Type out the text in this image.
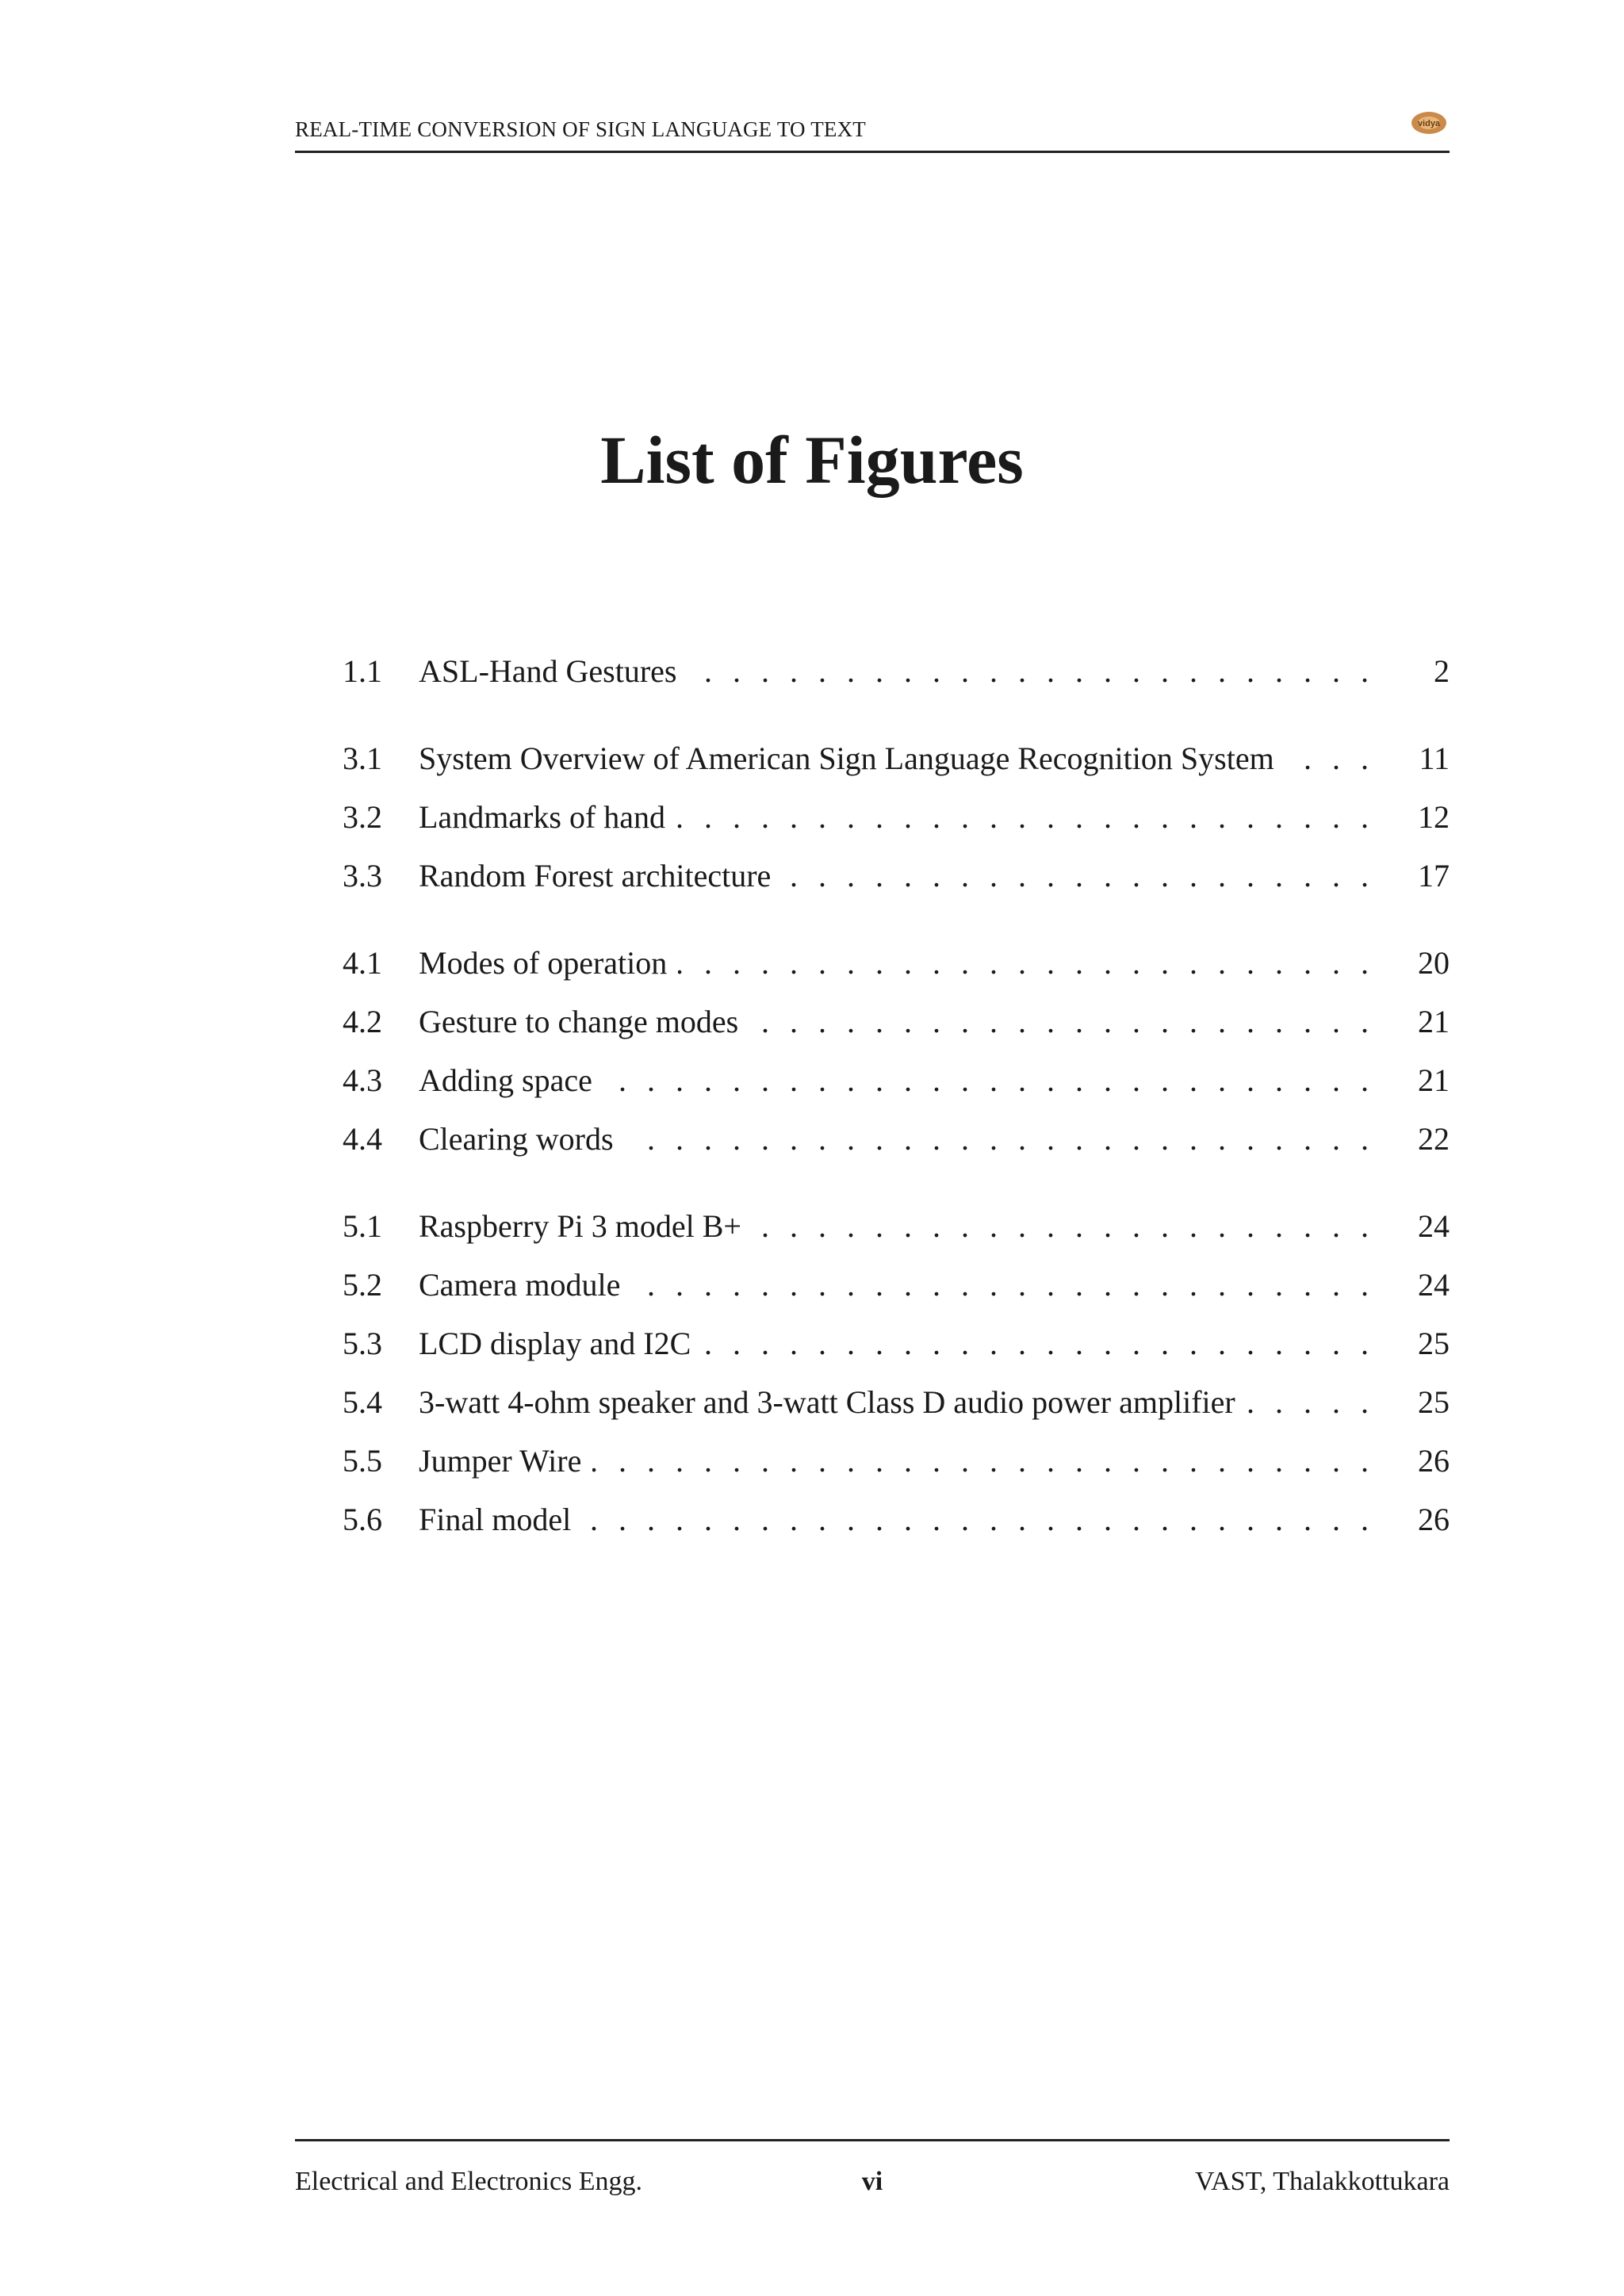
REAL-TIME CONVERSION OF SIGN LANGUAGE TO TEXT	vidya
List of Figures
1.1 ASL-Hand Gestures .  .	2
3.1 System Overview of American Sign Language Recognition System .  .	11
3.2 Landmarks of hand .  .	12
3.3 Random Forest architecture .  .	17
4.1 Modes of operation .  .	20
4.2 Gesture to change modes .  .	21
4.3 Adding space .  .	21
4.4 Clearing words .  .	22
5.1 Raspberry Pi 3 model B+ .  .	24
5.2 Camera module .  .	24
5.3 LCD display and I2C .  .	25
5.4 3-watt 4-ohm speaker and 3-watt Class D audio power amplifier .  .	25
5.5 Jumper Wire .  .	26
5.6 Final model .  .	26
Electrical and Electronics Engg.	vi	VAST, Thalakkottukara
